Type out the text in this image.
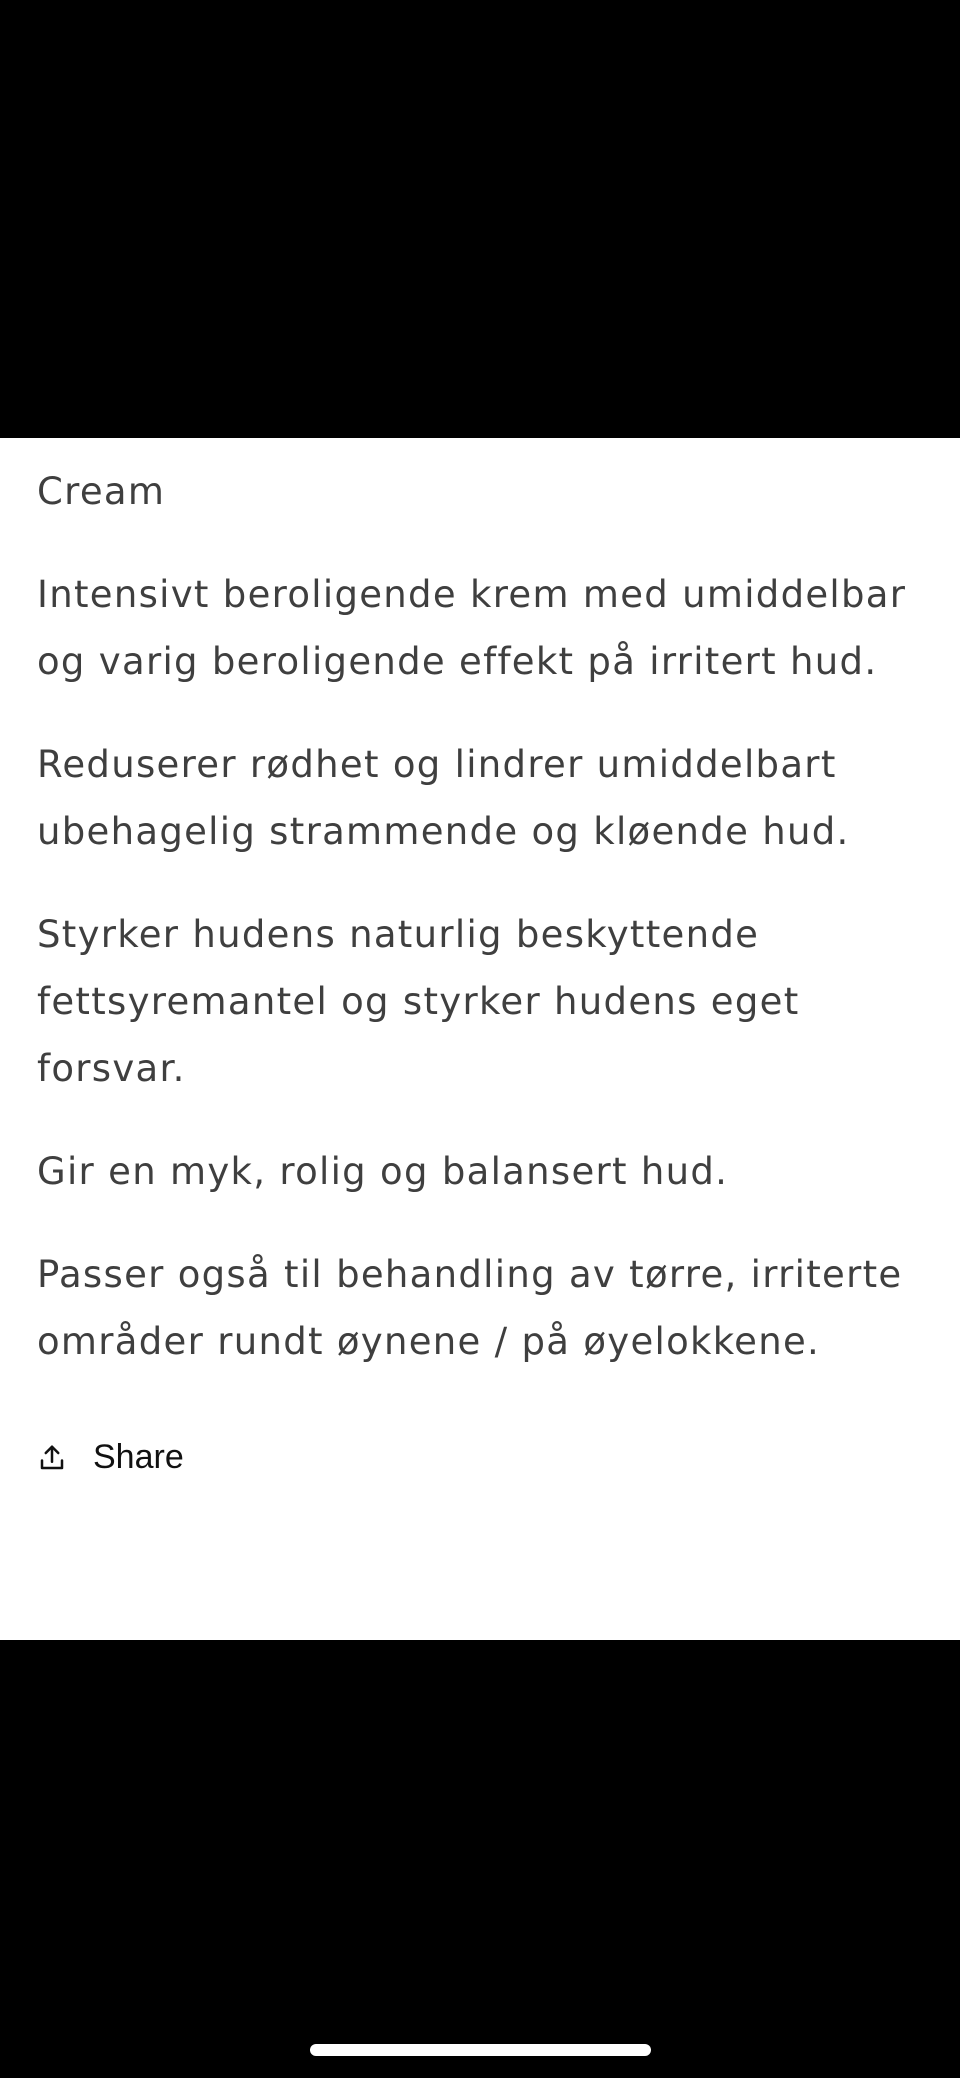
Cream

Intensivt beroligende krem med umiddelbar og varig beroligende effekt på irritert hud.

Reduserer rødhet og lindrer umiddelbart ubehagelig strammende og kløende hud.

Styrker hudens naturlig beskyttende fettsyremantel og styrker hudens eget forsvar.

Gir en myk, rolig og balansert hud.

Passer også til behandling av tørre, irriterte områder rundt øynene / på øyelokkene.

Share
